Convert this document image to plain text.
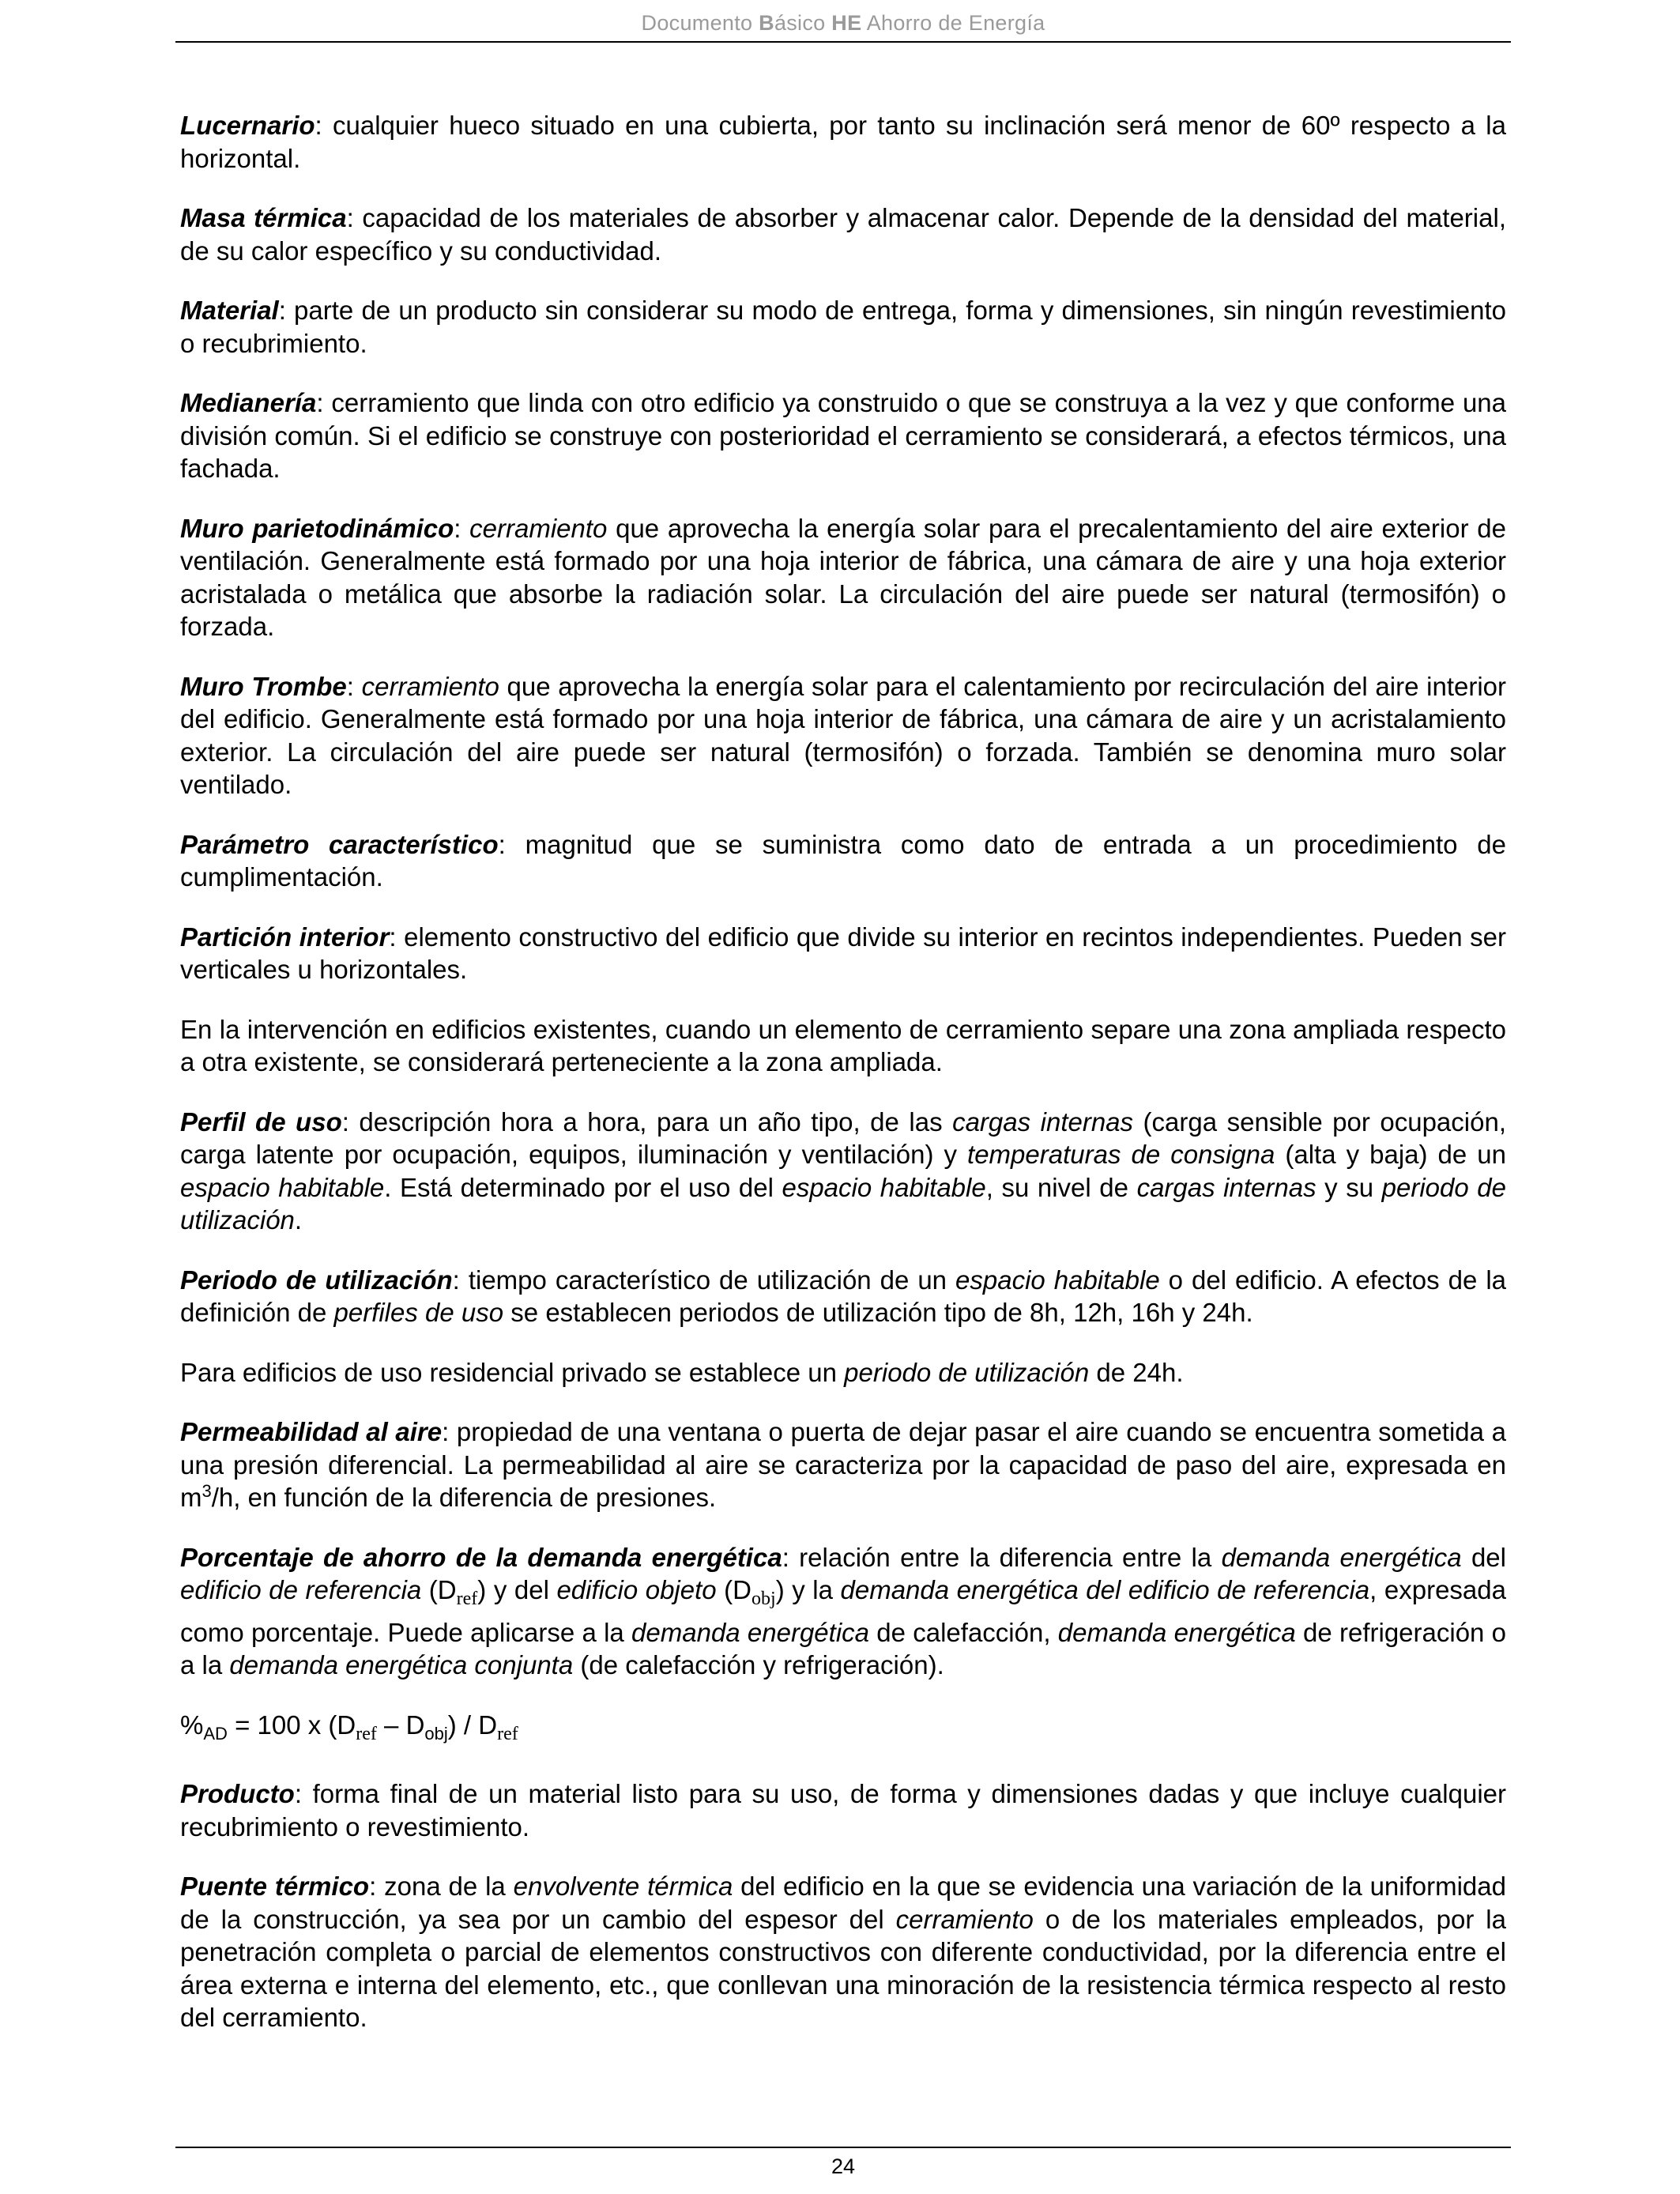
Documento Básico HE Ahorro de Energía

Lucernario: cualquier hueco situado en una cubierta, por tanto su inclinación será menor de 60º respecto a la horizontal.

Masa térmica: capacidad de los materiales de absorber y almacenar calor. Depende de la densidad del material, de su calor específico y su conductividad.

Material: parte de un producto sin considerar su modo de entrega, forma y dimensiones, sin ningún revestimiento o recubrimiento.

Medianería: cerramiento que linda con otro edificio ya construido o que se construya a la vez y que conforme una división común. Si el edificio se construye con posterioridad el cerramiento se considerará, a efectos térmicos, una fachada.

Muro parietodinámico: cerramiento que aprovecha la energía solar para el precalentamiento del aire exterior de ventilación. Generalmente está formado por una hoja interior de fábrica, una cámara de aire y una hoja exterior acristalada o metálica que absorbe la radiación solar. La circulación del aire puede ser natural (termosifón) o forzada.

Muro Trombe: cerramiento que aprovecha la energía solar para el calentamiento por recirculación del aire interior del edificio. Generalmente está formado por una hoja interior de fábrica, una cámara de aire y un acristalamiento exterior. La circulación del aire puede ser natural (termosifón) o forzada. También se denomina muro solar ventilado.

Parámetro característico: magnitud que se suministra como dato de entrada a un procedimiento de cumplimentación.

Partición interior: elemento constructivo del edificio que divide su interior en recintos independientes. Pueden ser verticales u horizontales.

En la intervención en edificios existentes, cuando un elemento de cerramiento separe una zona ampliada respecto a otra existente, se considerará perteneciente a la zona ampliada.

Perfil de uso: descripción hora a hora, para un año tipo, de las cargas internas (carga sensible por ocupación, carga latente por ocupación, equipos, iluminación y ventilación) y temperaturas de consigna (alta y baja) de un espacio habitable. Está determinado por el uso del espacio habitable, su nivel de cargas internas y su periodo de utilización.

Periodo de utilización: tiempo característico de utilización de un espacio habitable o del edificio. A efectos de la definición de perfiles de uso se establecen periodos de utilización tipo de 8h, 12h, 16h y 24h.

Para edificios de uso residencial privado se establece un periodo de utilización de 24h.

Permeabilidad al aire: propiedad de una ventana o puerta de dejar pasar el aire cuando se encuentra sometida a una presión diferencial. La permeabilidad al aire se caracteriza por la capacidad de paso del aire, expresada en $m^3/h$, en función de la diferencia de presiones.

Porcentaje de ahorro de la demanda energética: relación entre la diferencia entre la demanda energética del edificio de referencia $(D_{ref})$ y del edificio objeto $(D_{obj})$ y la demanda energética del edificio de referencia, expresada como porcentaje. Puede aplicarse a la demanda energética de calefacción, demanda energética de refrigeración o a la demanda energética conjunta (de calefacción y refrigeración).

$\%_{AD} = 100$ x $(D_{ref} - D_{obj}) / D_{ref}$

Producto: forma final de un material listo para su uso, de forma y dimensiones dadas y que incluye cualquier recubrimiento o revestimiento.

Puente térmico: zona de la envolvente térmica del edificio en la que se evidencia una variación de la uniformidad de la construcción, ya sea por un cambio del espesor del cerramiento o de los materiales empleados, por la penetración completa o parcial de elementos constructivos con diferente conductividad, por la diferencia entre el área externa e interna del elemento, etc., que conllevan una minoración de la resistencia térmica respecto al resto del cerramiento.

24
